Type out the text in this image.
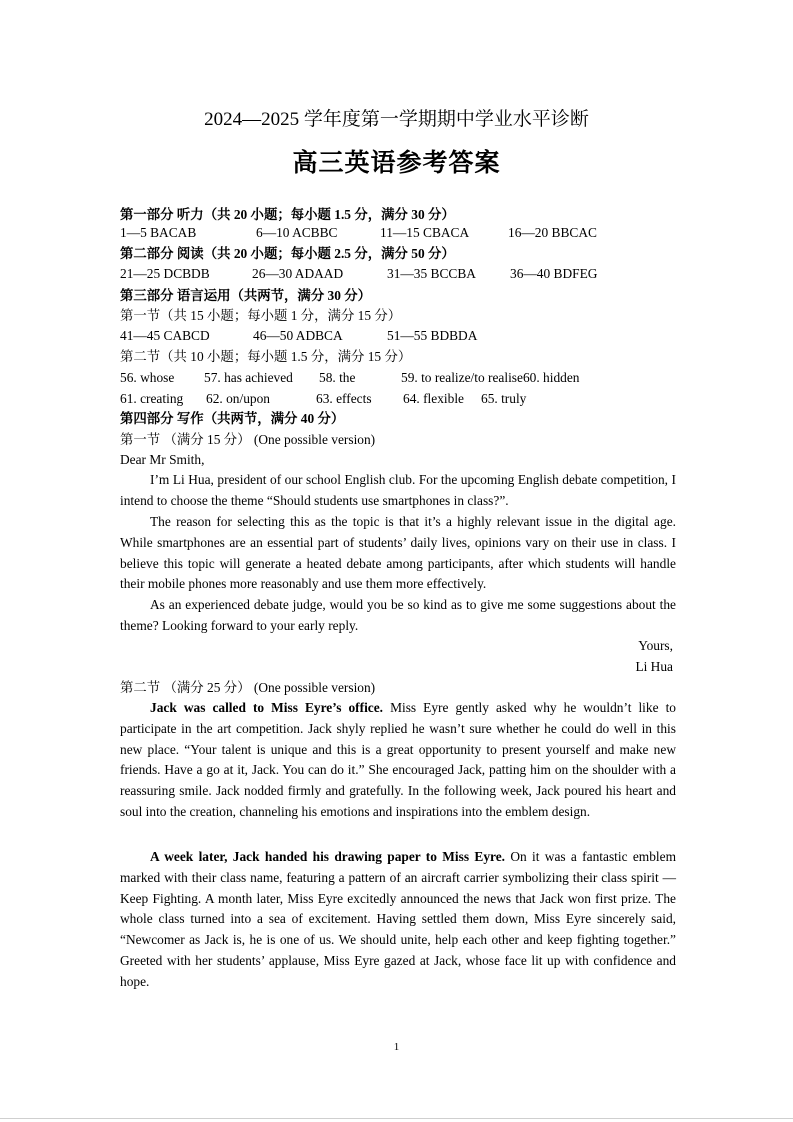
2024—2025 学年度第一学期期中学业水平诊断
高三英语参考答案
第一部分 听力（共 20 小题；每小题 1.5 分，满分 30 分）
1—5 BACAB	6—10 ACBBC	11—15 CBACA	16—20 BBCAC
第二部分 阅读（共 20 小题；每小题 2.5 分，满分 50 分）
21—25 DCBDB	26—30 ADAAD	31—35 BCCBA	36—40 BDFEG
第三部分 语言运用（共两节，满分 30 分）
第一节（共 15 小题；每小题 1 分，满分 15 分）
41—45 CABCD	46—50 ADBCA	51—55 BDBDA
第二节（共 10 小题；每小题 1.5 分，满分 15 分）
56. whose 57. has achieved 58. the	59. to realize/to realise60. hidden
61. creating 62. on/upon	63. effects 64. flexible 65. truly
第四部分 写作（共两节，满分 40 分）
第一节 （满分 15 分） (One possible version)
Dear Mr Smith,
I’m Li Hua, president of our school English club. For the upcoming English debate competition, I intend to choose the theme “Should students use smartphones in class?”.
The reason for selecting this as the topic is that it’s a highly relevant issue in the digital age. While smartphones are an essential part of students’ daily lives, opinions vary on their use in class. I believe this topic will generate a heated debate among participants, after which students will handle their mobile phones more reasonably and use them more effectively.
As an experienced debate judge, would you be so kind as to give me some suggestions about the theme? Looking forward to your early reply.
Yours,
Li Hua
第二节 （满分 25 分） (One possible version)
Jack was called to Miss Eyre’s office. Miss Eyre gently asked why he wouldn’t like to participate in the art competition. Jack shyly replied he wasn’t sure whether he could do well in this new place. “Your talent is unique and this is a great opportunity to present yourself and make new friends. Have a go at it, Jack. You can do it.” She encouraged Jack, patting him on the shoulder with a reassuring smile. Jack nodded firmly and gratefully. In the following week, Jack poured his heart and soul into the creation, channeling his emotions and inspirations into the emblem design.
A week later, Jack handed his drawing paper to Miss Eyre. On it was a fantastic emblem marked with their class name, featuring a pattern of an aircraft carrier symbolizing their class spirit — Keep Fighting. A month later, Miss Eyre excitedly announced the news that Jack won first prize. The whole class turned into a sea of excitement. Having settled them down, Miss Eyre sincerely said, “Newcomer as Jack is, he is one of us. We should unite, help each other and keep fighting together.” Greeted with her students’ applause, Miss Eyre gazed at Jack, whose face lit up with confidence and hope.
1
